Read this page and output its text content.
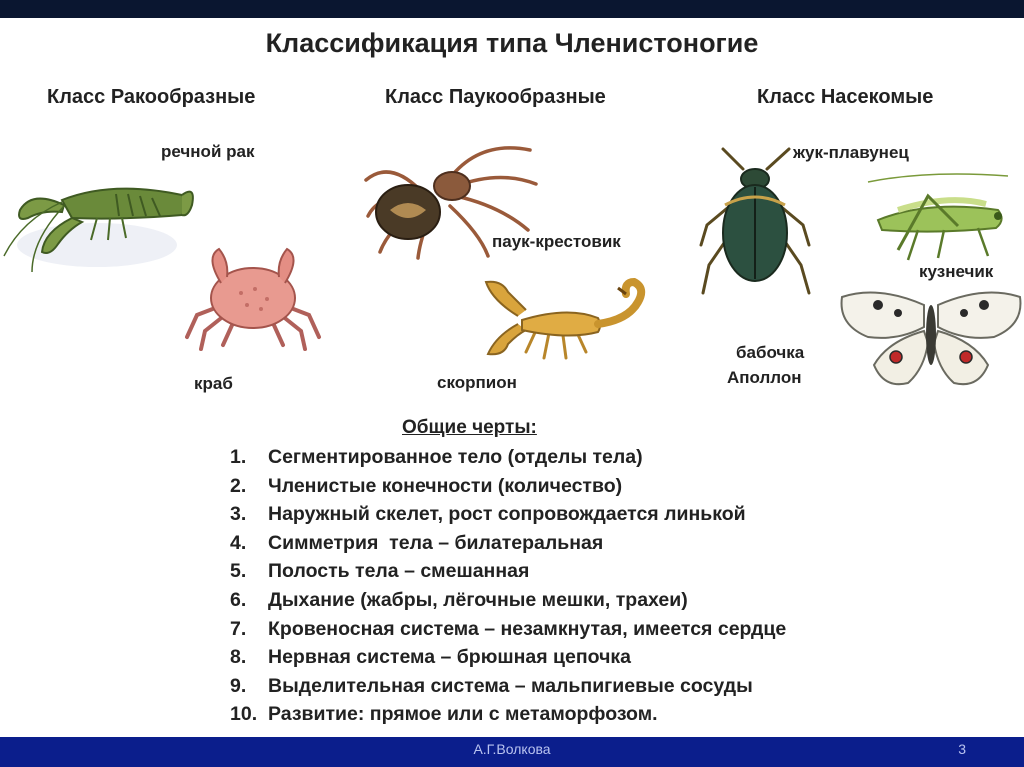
Классификация типа Членистоногие
Класс Ракообразные	Класс Паукообразные	Класс Насекомые
речной рак
краб
паук-крестовик
скорпион
жук-плавунец
кузнечик
бабочка
Аполлон
Общие черты:
1. Сегментированное тело (отделы тела)
2. Членистые конечности (количество)
3. Наружный скелет, рост сопровождается линькой
4. Симметрия  тела – билатеральная
5. Полость тела – смешанная
6. Дыхание (жабры, лёгочные мешки, трахеи)
7. Кровеносная система – незамкнутая, имеется сердце
8. Нервная система – брюшная цепочка
9. Выделительная система – мальпигиевые сосуды
10. Развитие: прямое или с метаморфозом.
А.Г.Волкова	3
